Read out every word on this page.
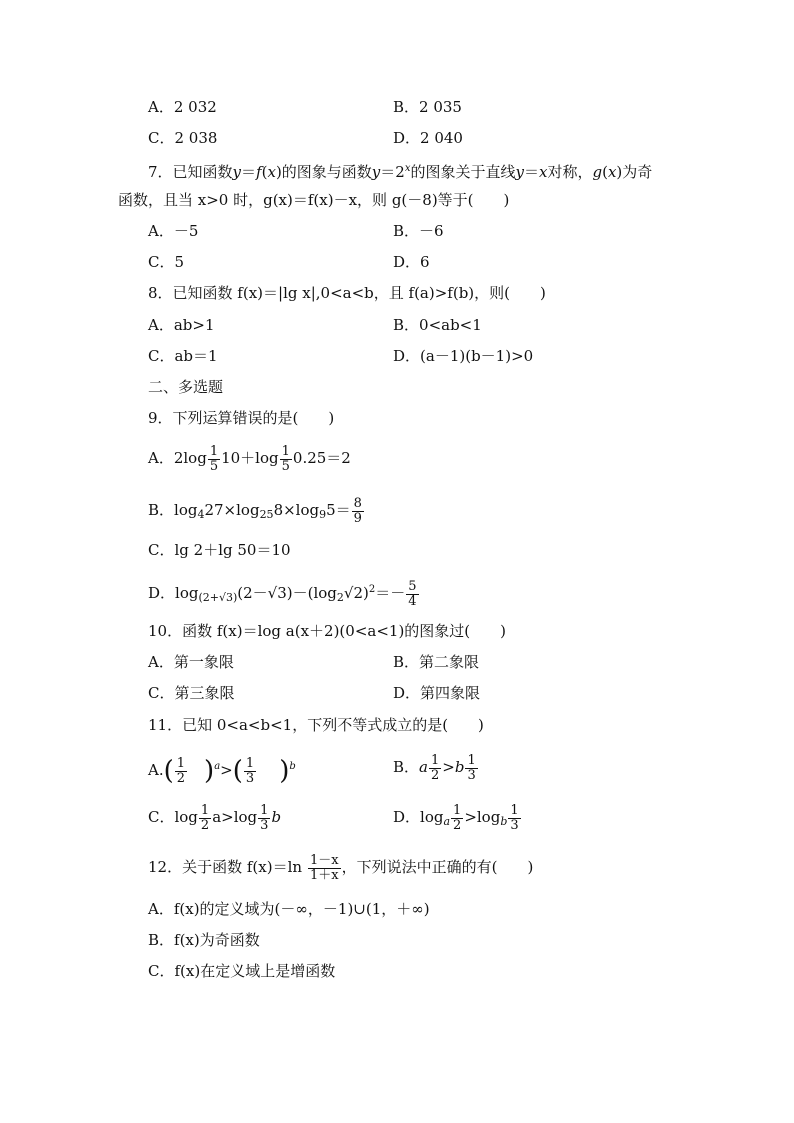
A．2 032	B．2 035
C．2 038	D．2 040
7．已知函数y＝f(x)的图象与函数$y=2^x$的图象关于直线y＝x对称，g(x)为奇
函数，且当 x>0 时，g(x)＝f(x)－x，则 g(－8)等于(　　)
A．－5	B．－6
C．5	D．6
8．已知函数 f(x)＝|lg x|,0<a<b，且 f(a)>f(b)，则(　　)
A．ab>1	B．0<ab<1
C．ab＝1	D．(a－1)(b－1)>0
二、多选题
9．下列运算错误的是(　　)
A．$2\log \frac{1}{5} 10+\log \frac{1}{5} 0.25=2$
B．$\log_427\times\log_{25}8\times\log_95= \frac{8}{9}$
C．lg 2＋lg 50＝10
D．$\log_{(2+√3)}(2-√3)-(\log_2√2)^2=- \frac{5}{4}$
10．函数 f(x)＝log a(x＋2)(0<a<1)的图象过(　　)
A．第一象限	B．第二象限
C．第三象限	D．第四象限
11．已知 0<a<b<1，下列不等式成立的是(　　)
$A.( \frac{1}{2} )^a>( \frac{1}{3} )^b$	B．a $\frac{1}{2} >b \frac{1}{3}$
C．$\log \frac{1}{2} a>\log \frac{1}{3}$ b	D．$\log_a \frac{1}{2} >\log_b \frac{1}{3}$
12．关于函数 $f(x)=\ln \frac{1-x}{1+x}$ ，下列说法中正确的有(　　)
A．f(x)的定义域为(－∞，－1)∪(1，＋∞)
B．f(x)为奇函数
C．f(x)在定义域上是增函数
